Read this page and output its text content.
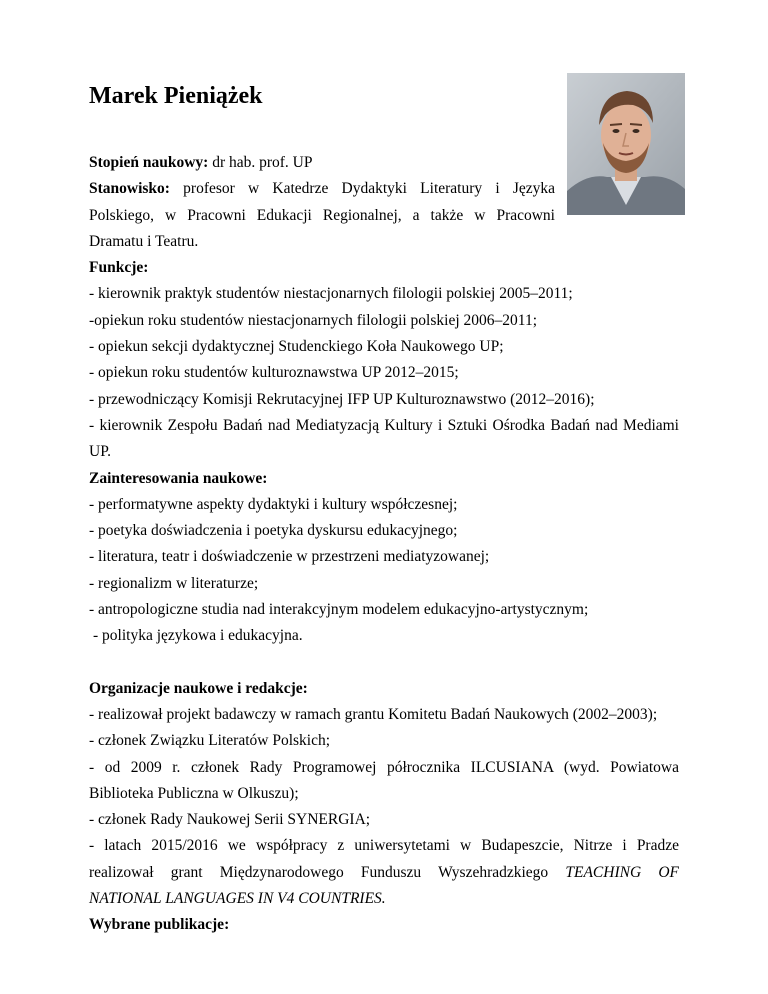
Marek Pieniążek
Stopień naukowy: dr hab. prof. UP
Stanowisko: profesor w Katedrze Dydaktyki Literatury i Języka
Polskiego, w Pracowni Edukacji Regionalnej, a także w Pracowni
Dramatu i Teatru.
Funkcje:
- kierownik praktyk studentów niestacjonarnych filologii polskiej 2005–2011;
-opiekun roku studentów niestacjonarnych filologii polskiej 2006–2011;
- opiekun sekcji dydaktycznej Studenckiego Koła Naukowego UP;
- opiekun roku studentów kulturoznawstwa UP 2012–2015;
- przewodniczący Komisji Rekrutacyjnej IFP UP Kulturoznawstwo (2012–2016);
- kierownik Zespołu Badań nad Mediatyzacją Kultury i Sztuki Ośrodka Badań nad Mediami
UP.
Zainteresowania naukowe:
- performatywne aspekty dydaktyki i kultury współczesnej;
- poetyka doświadczenia i poetyka dyskursu edukacyjnego;
- literatura, teatr i doświadczenie w przestrzeni mediatyzowanej;
- regionalizm w literaturze;
- antropologiczne studia nad interakcyjnym modelem edukacyjno-artystycznym;
- polityka językowa i edukacyjna.
Organizacje naukowe i redakcje:
- realizował projekt badawczy w ramach grantu Komitetu Badań Naukowych (2002–2003);
- członek Związku Literatów Polskich;
- od 2009 r. członek Rady Programowej półrocznika ILCUSIANA (wyd. Powiatowa
Biblioteka Publiczna w Olkuszu);
- członek Rady Naukowej Serii SYNERGIA;
- latach 2015/2016 we współpracy z uniwersytetami w Budapeszcie, Nitrze i Pradze
realizował grant Międzynarodowego Funduszu Wyszehradzkiego TEACHING OF
NATIONAL LANGUAGES IN V4 COUNTRIES.
Wybrane publikacje:
